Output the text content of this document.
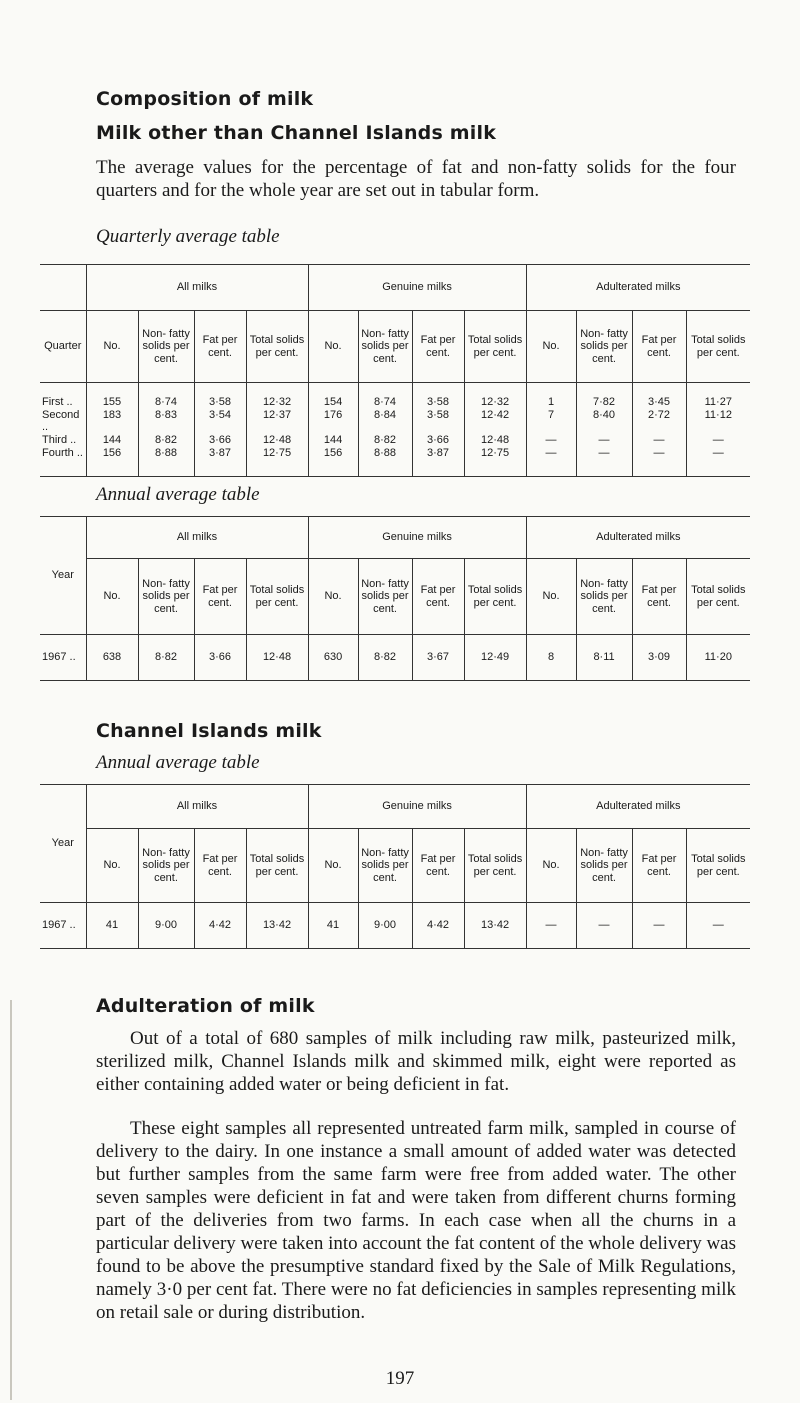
Composition of milk
Milk other than Channel Islands milk

The average values for the percentage of fat and non-fatty solids for the four quarters and for the whole year are set out in tabular form.

Quarterly average table

	All milks				Genuine milks				Adulterated milks			
Quarter	No.	Non- fatty solids per cent.	Fat per cent.	Total solids per cent.	No.	Non- fatty solids per cent.	Fat per cent.	Total solids per cent.	No.	Non- fatty solids per cent.	Fat per cent.	Total solids per cent.
First ..	155	8·74	3·58	12·32	154	8·74	3·58	12·32	1	7·82	3·45	11·27
Second ..	183	8·83	3·54	12·37	176	8·84	3·58	12·42	7	8·40	2·72	11·12
Third ..	144	8·82	3·66	12·48	144	8·82	3·66	12·48	—	—	—	—
Fourth ..	156	8·88	3·87	12·75	156	8·88	3·87	12·75	—	—	—	—

Annual average table

Year	All milks				Genuine milks				Adulterated milks			
	No.	Non- fatty solids per cent.	Fat per cent.	Total solids per cent.	No.	Non- fatty solids per cent.	Fat per cent.	Total solids per cent.	No.	Non- fatty solids per cent.	Fat per cent.	Total solids per cent.
1967 ..	638	8·82	3·66	12·48	630	8·82	3·67	12·49	8	8·11	3·09	11·20
Channel Islands milk

Annual average table

Year	All milks				Genuine milks				Adulterated milks			
	No.	Non- fatty solids per cent.	Fat per cent.	Total solids per cent.	No.	Non- fatty solids per cent.	Fat per cent.	Total solids per cent.	No.	Non- fatty solids per cent.	Fat per cent.	Total solids per cent.
1967 ..	41	9·00	4·42	13·42	41	9·00	4·42	13·42	—	—	—	—
Adulteration of milk

Out of a total of 680 samples of milk including raw milk, pasteurized milk, sterilized milk, Channel Islands milk and skimmed milk, eight were reported as either containing added water or being deficient in fat.

These eight samples all represented untreated farm milk, sampled in course of delivery to the dairy. In one instance a small amount of added water was detected but further samples from the same farm were free from added water. The other seven samples were deficient in fat and were taken from different churns forming part of the deliveries from two farms. In each case when all the churns in a particular delivery were taken into account the fat content of the whole delivery was found to be above the presumptive standard fixed by the Sale of Milk Regulations, namely 3·0 per cent fat. There were no fat deficiencies in samples representing milk on retail sale or during distribution.

197
